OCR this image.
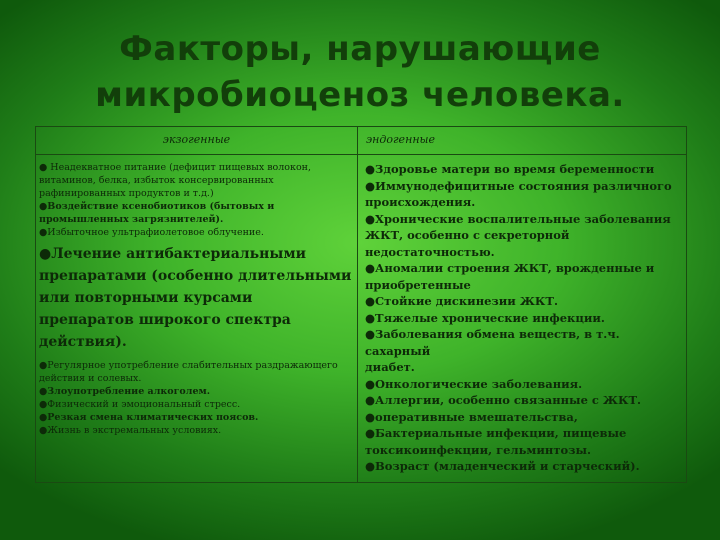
Факторы, нарушающие
микробиоценоз человека.
экзогенные	эндогенные
● Неадекватное питание (дефицит пищевых волокон,
витаминов, белка, избыток консервированных
рафинированных продуктов и т.д.)
●Воздействие ксенобиотиков (бытовых и
промышленных загрязнителей).
●Избыточное ультрафиолетовое облучение.
●Лечение антибактериальными
препаратами (особенно длительными
или повторными курсами
препаратов широкого спектра
действия).
●Регулярное употребление слабительных раздражающего
действия и солевых.
●Злоупотребление алкоголем.
●Физический и эмоциональный стресс.
●Резкая смена климатических поясов.
●Жизнь в экстремальных условиях.
●Здоровье матери во время беременности
●Иммунодефицитные состояния различного
происхождения.
●Хронические воспалительные заболевания
ЖКТ, особенно с секреторной недостаточностью.
●Аномалии строения ЖКТ, врожденные и
приобретенные
●Стойкие дискинезии ЖКТ.
●Тяжелые хронические инфекции.
●Заболевания обмена веществ, в т.ч. сахарный
диабет.
●Онкологические заболевания.
●Аллергии, особенно связанные с ЖКТ.
●оперативные вмешательства,
●Бактериальные инфекции, пищевые
токсикоинфекции, гельминтозы.
●Возраст (младенческий и старческий).
